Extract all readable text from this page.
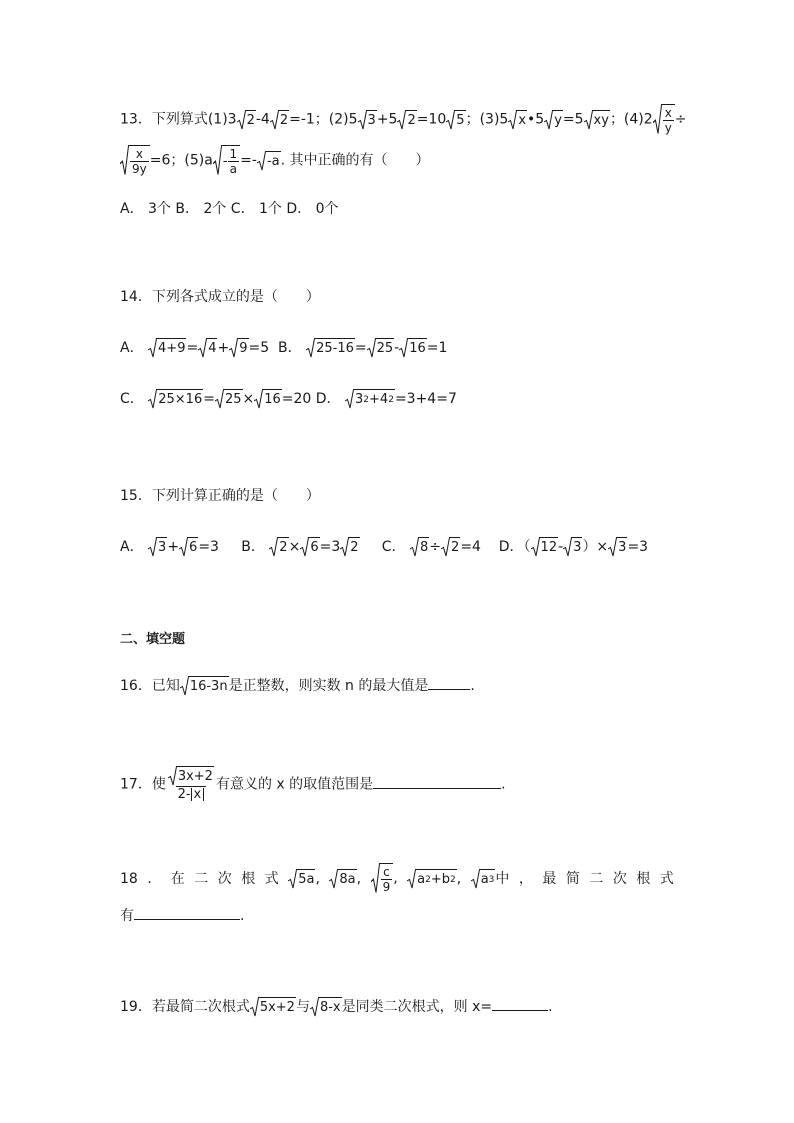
13．下列算式(1)3 2 -4 2 =-1；(2)5 3 +5 2 =10 5 ；(3)5 x •5 y =5 xy ；$(4)2 \frac{x}{y}$ ÷
$\frac{x}{9y} =6$；$(5)a - \frac{1}{a} =- -a$ . 其中正确的有（　　）
A． 3个 B． 2个 C． 1个 D． 0个
14．下列各式成立的是（　　）
A． 4+9 = 4 + 9 =5 B． 25-16 = 25 - 16 =1
C． 25×16 = 25 × 16 =20 D． 3 2 +4 2 =3+4=7
15．下列计算正确的是（　　）
A． 3 + 6 =3 B． 2 × 6 =3 2 C． 8 ÷ 2 =4 D．（ 12 - 3 ）× 3 =3
二、填空题
16．已知 16-3n 是正整数，则实数 n 的最大值是	.
17．使 $\frac{3x+2}{2- x}$ 有意义的 x 的取值范围是	.
18 ． 在 二 次 根 式 5a , 8a , $\frac{c}{9}$ , a 2 +b 2 , a 3 中 ， 最 简 二 次 根 式
有	.
19．若最简二次根式 5x+2 与 8-x 是同类二次根式，则 x=	.
